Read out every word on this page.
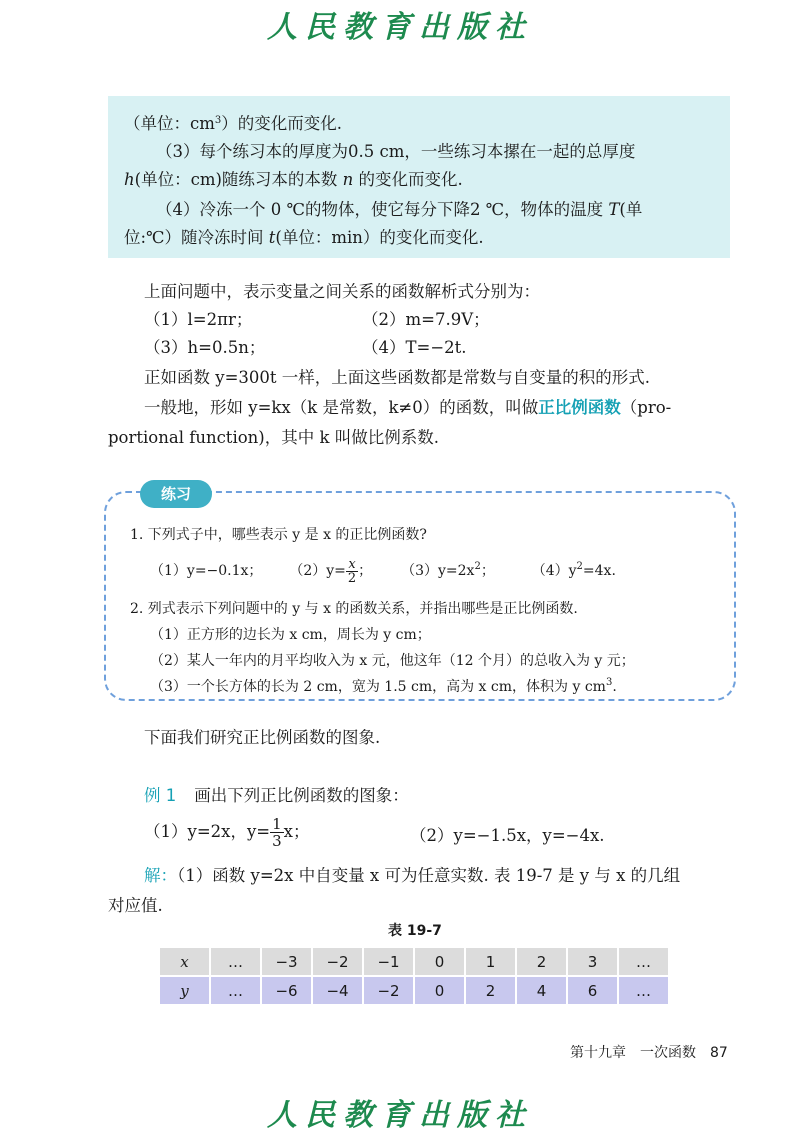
人民教育出版社

（单位：$cm^3$）的变化而变化.

（3）每个练习本的厚度为0.5 cm，一些练习本摞在一起的总厚度

h(单位：cm)随练习本的本数 n 的变化而变化.

（4）冷冻一个 0 ℃的物体，使它每分下降2 ℃，物体的温度 T(单

位:℃）随冷冻时间 t(单位：min）的变化而变化.

上面问题中，表示变量之间关系的函数解析式分别为：
（1）l=2πr；	（2）m=7.9V；
（3）h=0.5n；	（4）T=−2t.
正如函数 y=300t 一样，上面这些函数都是常数与自变量的积的形式.
一般地，形如 y=kx（k 是常数，k≠0）的函数，叫做正比例函数（pro-
portional function)，其中 k 叫做比例系数.
练习
1. 下列式子中，哪些表示 y 是 x 的正比例函数?
（1）y=−0.1x； $(2)y= \frac{x}{2}$ ； $(3)y=2x^2$；	$(4)y^2=4x$.
2. 列式表示下列问题中的 y 与 x 的函数关系，并指出哪些是正比例函数.
（1）正方形的边长为 x cm，周长为 y cm；
（2）某人一年内的月平均收入为 x 元，他这年（12 个月）的总收入为 y 元；
（3）一个长方体的长为 2 cm，宽为 1.5 cm，高为 x cm，体积为 y $cm^3$.
下面我们研究正比例函数的图象.
例 1 画出下列正比例函数的图象：
（1）y=2x，$y= \frac{1}{3}$ x；	（2）y=−1.5x，y=−4x.
解：（1）函数 y=2x 中自变量 x 可为任意实数. 表 19-7 是 y 与 x 的几组
对应值.
表 19-7
x	…	−3	−2	−1	0	1	2	3	…
y	…	−6	−4	−2	0	2	4	6	…
第十九章　一次函数 87
人民教育出版社
